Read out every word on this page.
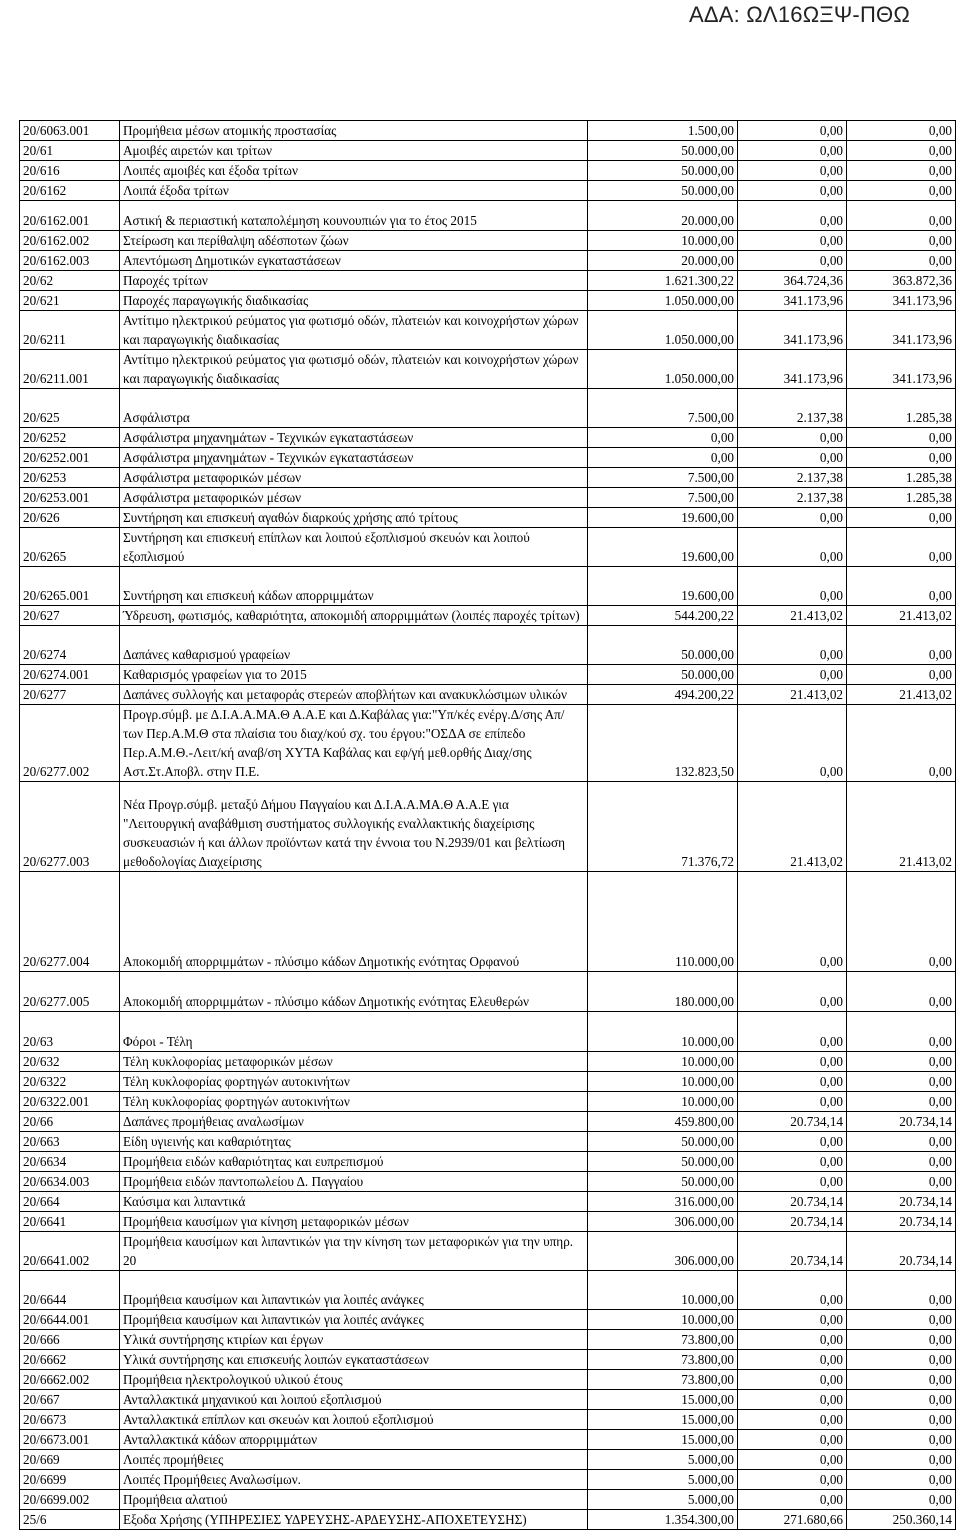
ΑΔΑ: ΩΛ16ΩΞΨ-ΠΘΩ
20/6063.001	Προμήθεια μέσων ατομικής προστασίας	1.500,00	0,00	0,00
20/61	Αμοιβές αιρετών και τρίτων	50.000,00	0,00	0,00
20/616	Λοιπές αμοιβές και έξοδα τρίτων	50.000,00	0,00	0,00
20/6162	Λοιπά έξοδα τρίτων	50.000,00	0,00	0,00
20/6162.001	Αστική & περιαστική καταπολέμηση κουνουπιών για το έτος 2015	20.000,00	0,00	0,00
20/6162.002	Στείρωση και περίθαλψη αδέσποτων ζώων	10.000,00	0,00	0,00
20/6162.003	Απεντόμωση Δημοτικών εγκαταστάσεων	20.000,00	0,00	0,00
20/62	Παροχές τρίτων	1.621.300,22	364.724,36	363.872,36
20/621	Παροχές παραγωγικής διαδικασίας	1.050.000,00	341.173,96	341.173,96
20/6211	Αντίτιμο ηλεκτρικού ρεύματος για φωτισμό οδών, πλατειών και κοινοχρήστων χώρων και παραγωγικής διαδικασίας	1.050.000,00	341.173,96	341.173,96
20/6211.001	Αντίτιμο ηλεκτρικού ρεύματος για φωτισμό οδών, πλατειών και κοινοχρήστων χώρων και παραγωγικής διαδικασίας	1.050.000,00	341.173,96	341.173,96
20/625	Ασφάλιστρα	7.500,00	2.137,38	1.285,38
20/6252	Ασφάλιστρα μηχανημάτων - Τεχνικών εγκαταστάσεων	0,00	0,00	0,00
20/6252.001	Ασφάλιστρα μηχανημάτων - Τεχνικών εγκαταστάσεων	0,00	0,00	0,00
20/6253	Ασφάλιστρα μεταφορικών μέσων	7.500,00	2.137,38	1.285,38
20/6253.001	Ασφάλιστρα μεταφορικών μέσων	7.500,00	2.137,38	1.285,38
20/626	Συντήρηση και επισκευή αγαθών διαρκούς χρήσης από τρίτους	19.600,00	0,00	0,00
20/6265	Συντήρηση και επισκευή επίπλων και λοιπού εξοπλισμού σκευών και λοιπού εξοπλισμού	19.600,00	0,00	0,00
20/6265.001	Συντήρηση και επισκευή κάδων απορριμμάτων	19.600,00	0,00	0,00
20/627	Ύδρευση, φωτισμός, καθαριότητα, αποκομιδή απορριμμάτων (λοιπές παροχές τρίτων)	544.200,22	21.413,02	21.413,02
20/6274	Δαπάνες καθαρισμού γραφείων	50.000,00	0,00	0,00
20/6274.001	Καθαρισμός γραφείων για το 2015	50.000,00	0,00	0,00
20/6277	Δαπάνες συλλογής και μεταφοράς στερεών αποβλήτων και ανακυκλώσιμων υλικών	494.200,22	21.413,02	21.413,02
20/6277.002	Προγρ.σύμβ. με Δ.Ι.Α.Α.ΜΑ.Θ Α.Α.Ε και Δ.Καβάλας για:"Υπ/κές ενέργ.Δ/σης Απ/των Περ.Α.Μ.Θ στα πλαίσια του διαχ/κού σχ. του έργου:"ΟΣΔΑ σε επίπεδο Περ.Α.Μ.Θ.-Λειτ/κή αναβ/ση ΧΥΤΑ Καβάλας και εφ/γή μεθ.ορθής Διαχ/σης Αστ.Στ.Αποβλ. στην Π.Ε.	132.823,50	0,00	0,00
20/6277.003	Νέα Προγρ.σύμβ. μεταξύ Δήμου Παγγαίου και Δ.Ι.Α.Α.ΜΑ.Θ Α.Α.Ε για "Λειτουργική αναβάθμιση συστήματος συλλογικής εναλλακτικής διαχείρισης συσκευασιών ή και άλλων προϊόντων κατά την έννοια του Ν.2939/01 και βελτίωση μεθοδολογίας Διαχείρισης	71.376,72	21.413,02	21.413,02
20/6277.004	Αποκομιδή απορριμμάτων - πλύσιμο κάδων Δημοτικής ενότητας Ορφανού	110.000,00	0,00	0,00
20/6277.005	Αποκομιδή απορριμμάτων - πλύσιμο κάδων Δημοτικής ενότητας Ελευθερών	180.000,00	0,00	0,00
20/63	Φόροι - Τέλη	10.000,00	0,00	0,00
20/632	Τέλη κυκλοφορίας μεταφορικών μέσων	10.000,00	0,00	0,00
20/6322	Τέλη κυκλοφορίας φορτηγών αυτοκινήτων	10.000,00	0,00	0,00
20/6322.001	Τέλη κυκλοφορίας φορτηγών αυτοκινήτων	10.000,00	0,00	0,00
20/66	Δαπάνες προμήθειας αναλωσίμων	459.800,00	20.734,14	20.734,14
20/663	Είδη υγιεινής και καθαριότητας	50.000,00	0,00	0,00
20/6634	Προμήθεια ειδών καθαριότητας και ευπρεπισμού	50.000,00	0,00	0,00
20/6634.003	Προμήθεια ειδών παντοπωλείου Δ. Παγγαίου	50.000,00	0,00	0,00
20/664	Καύσιμα και λιπαντικά	316.000,00	20.734,14	20.734,14
20/6641	Προμήθεια καυσίμων για κίνηση μεταφορικών μέσων	306.000,00	20.734,14	20.734,14
20/6641.002	Προμήθεια καυσίμων και λιπαντικών για την κίνηση των μεταφορικών για την υπηρ. 20	306.000,00	20.734,14	20.734,14
20/6644	Προμήθεια καυσίμων και λιπαντικών για λοιπές ανάγκες	10.000,00	0,00	0,00
20/6644.001	Προμήθεια καυσίμων και λιπαντικών για λοιπές ανάγκες	10.000,00	0,00	0,00
20/666	Υλικά συντήρησης κτιρίων και έργων	73.800,00	0,00	0,00
20/6662	Υλικά συντήρησης και επισκευής λοιπών εγκαταστάσεων	73.800,00	0,00	0,00
20/6662.002	Προμήθεια ηλεκτρολογικού υλικού έτους	73.800,00	0,00	0,00
20/667	Ανταλλακτικά μηχανικού και λοιπού εξοπλισμού	15.000,00	0,00	0,00
20/6673	Ανταλλακτικά επίπλων και σκευών και λοιπού εξοπλισμού	15.000,00	0,00	0,00
20/6673.001	Ανταλλακτικά κάδων απορριμμάτων	15.000,00	0,00	0,00
20/669	Λοιπές προμήθειες	5.000,00	0,00	0,00
20/6699	Λοιπές Προμήθειες Αναλωσίμων.	5.000,00	0,00	0,00
20/6699.002	Προμήθεια αλατιού	5.000,00	0,00	0,00
25/6	Εξοδα Χρήσης (ΥΠΗΡΕΣΙΕΣ ΥΔΡΕΥΣΗΣ-ΑΡΔΕΥΣΗΣ-ΑΠΟΧΕΤΕΥΣΗΣ)	1.354.300,00	271.680,66	250.360,14
